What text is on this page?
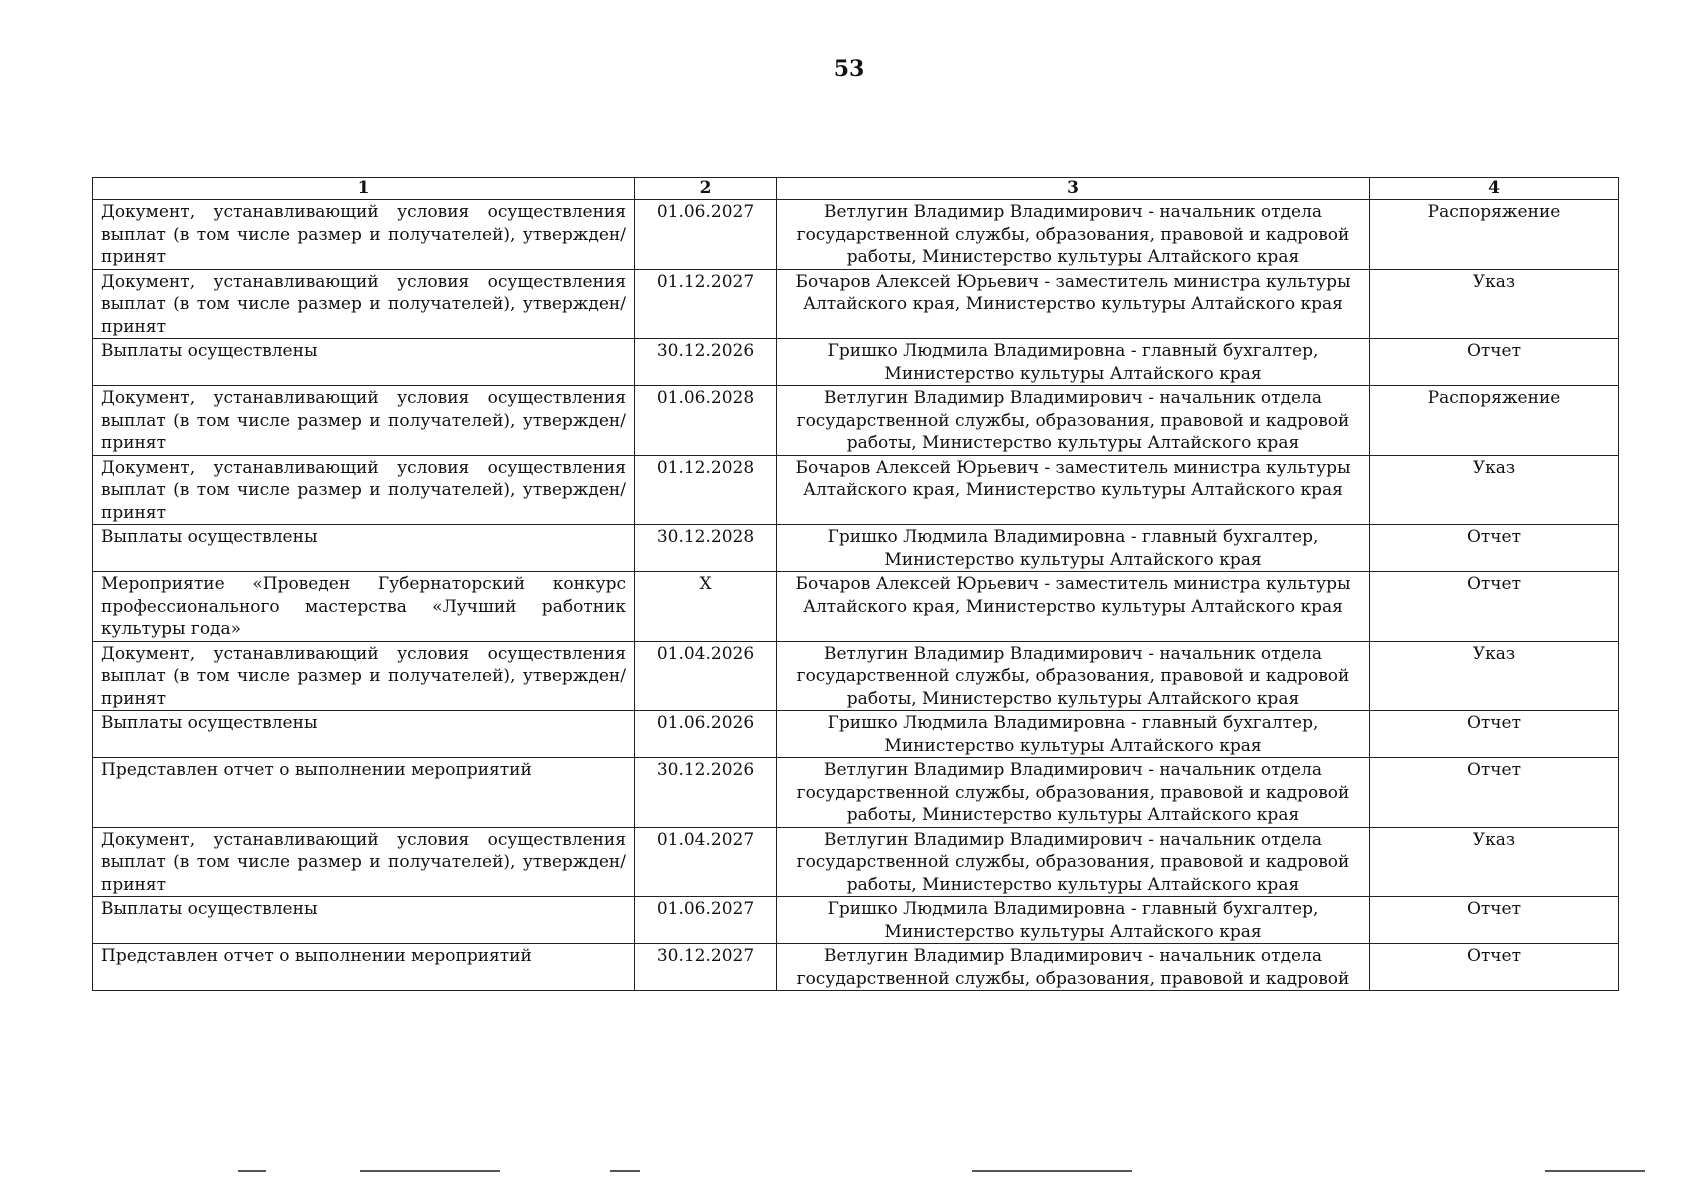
53
1	2	3	4
Документ, устанавливающий условия осуществления выплат (в том числе размер и получателей), утвержден/принят	01.06.2027	Ветлугин Владимир Владимирович - начальник отдела государственной службы, образования, правовой и кадровой работы, Министерство культуры Алтайского края	Распоряжение
Документ, устанавливающий условия осуществления выплат (в том числе размер и получателей), утвержден/принят	01.12.2027	Бочаров Алексей Юрьевич - заместитель министра культуры Алтайского края, Министерство культуры Алтайского края	Указ
Выплаты осуществлены	30.12.2026	Гришко Людмила Владимировна - главный бухгалтер, Министерство культуры Алтайского края	Отчет
Документ, устанавливающий условия осуществления выплат (в том числе размер и получателей), утвержден/принят	01.06.2028	Ветлугин Владимир Владимирович - начальник отдела государственной службы, образования, правовой и кадровой работы, Министерство культуры Алтайского края	Распоряжение
Документ, устанавливающий условия осуществления выплат (в том числе размер и получателей), утвержден/принят	01.12.2028	Бочаров Алексей Юрьевич - заместитель министра культуры Алтайского края, Министерство культуры Алтайского края	Указ
Выплаты осуществлены	30.12.2028	Гришко Людмила Владимировна - главный бухгалтер, Министерство культуры Алтайского края	Отчет
Мероприятие «Проведен Губернаторский конкурс профессионального мастерства «Лучший работник культуры года»	Х	Бочаров Алексей Юрьевич - заместитель министра культуры Алтайского края, Министерство культуры Алтайского края	Отчет
Документ, устанавливающий условия осуществления выплат (в том числе размер и получателей), утвержден/принят	01.04.2026	Ветлугин Владимир Владимирович - начальник отдела государственной службы, образования, правовой и кадровой работы, Министерство культуры Алтайского края	Указ
Выплаты осуществлены	01.06.2026	Гришко Людмила Владимировна - главный бухгалтер, Министерство культуры Алтайского края	Отчет
Представлен отчет о выполнении мероприятий	30.12.2026	Ветлугин Владимир Владимирович - начальник отдела государственной службы, образования, правовой и кадровой работы, Министерство культуры Алтайского края	Отчет
Документ, устанавливающий условия осуществления выплат (в том числе размер и получателей), утвержден/принят	01.04.2027	Ветлугин Владимир Владимирович - начальник отдела государственной службы, образования, правовой и кадровой работы, Министерство культуры Алтайского края	Указ
Выплаты осуществлены	01.06.2027	Гришко Людмила Владимировна - главный бухгалтер, Министерство культуры Алтайского края	Отчет
Представлен отчет о выполнении мероприятий	30.12.2027	Ветлугин Владимир Владимирович - начальник отдела государственной службы, образования, правовой и кадровой	Отчет
